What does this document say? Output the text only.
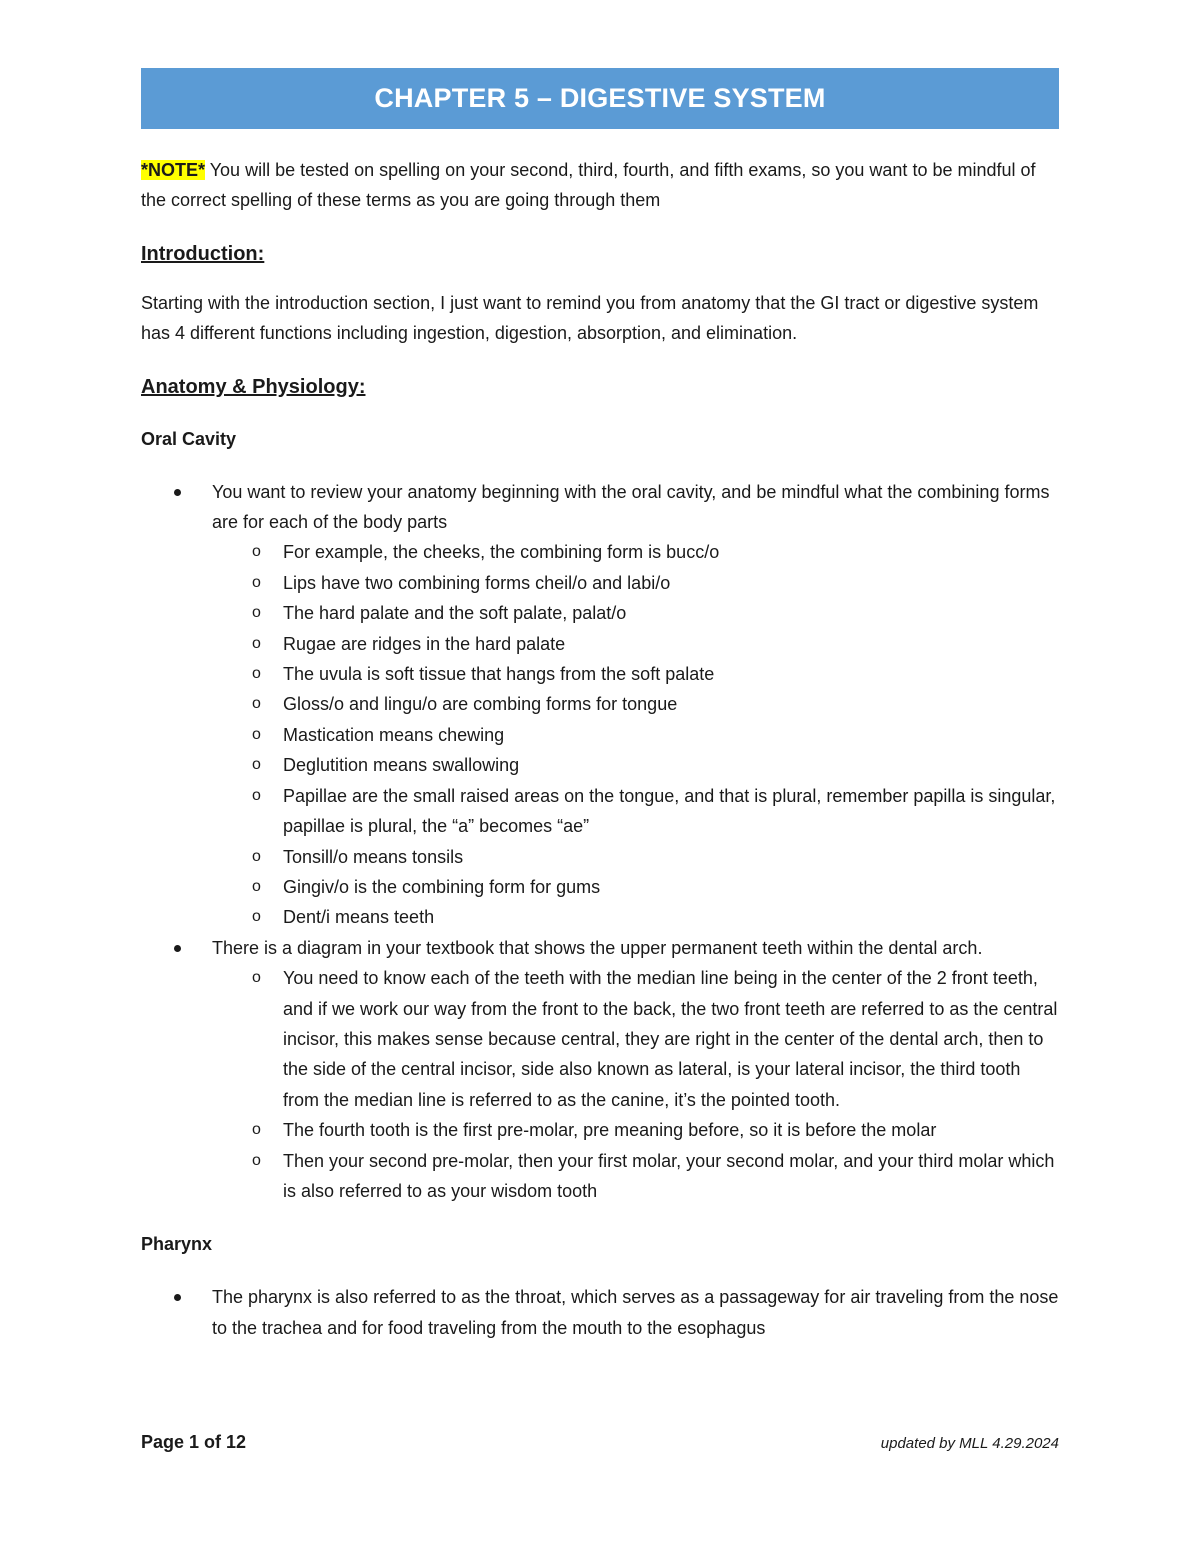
CHAPTER 5 – DIGESTIVE SYSTEM

*NOTE* You will be tested on spelling on your second, third, fourth, and fifth exams, so you want to be mindful of the correct spelling of these terms as you are going through them

Introduction:

Starting with the introduction section, I just want to remind you from anatomy that the GI tract or digestive system has 4 different functions including ingestion, digestion, absorption, and elimination.

Anatomy & Physiology:
Oral Cavity
You want to review your anatomy beginning with the oral cavity, and be mindful what the combining forms are for each of the body parts
o For example, the cheeks, the combining form is bucc/o
o Lips have two combining forms cheil/o and labi/o
o The hard palate and the soft palate, palat/o
o Rugae are ridges in the hard palate
o The uvula is soft tissue that hangs from the soft palate
o Gloss/o and lingu/o are combing forms for tongue
o Mastication means chewing
o Deglutition means swallowing
o Papillae are the small raised areas on the tongue, and that is plural, remember papilla is singular, papillae is plural, the “a” becomes “ae”
o Tonsill/o means tonsils
o Gingiv/o is the combining form for gums
o Dent/i means teeth
There is a diagram in your textbook that shows the upper permanent teeth within the dental arch.
o You need to know each of the teeth with the median line being in the center of the 2 front teeth, and if we work our way from the front to the back, the two front teeth are referred to as the central incisor, this makes sense because central, they are right in the center of the dental arch, then to the side of the central incisor, side also known as lateral, is your lateral incisor, the third tooth from the median line is referred to as the canine, it’s the pointed tooth.
o The fourth tooth is the first pre-molar, pre meaning before, so it is before the molar
o Then your second pre-molar, then your first molar, your second molar, and your third molar which is also referred to as your wisdom tooth
Pharynx
The pharynx is also referred to as the throat, which serves as a passageway for air traveling from the nose to the trachea and for food traveling from the mouth to the esophagus
Page 1 of 12	updated by MLL 4.29.2024
